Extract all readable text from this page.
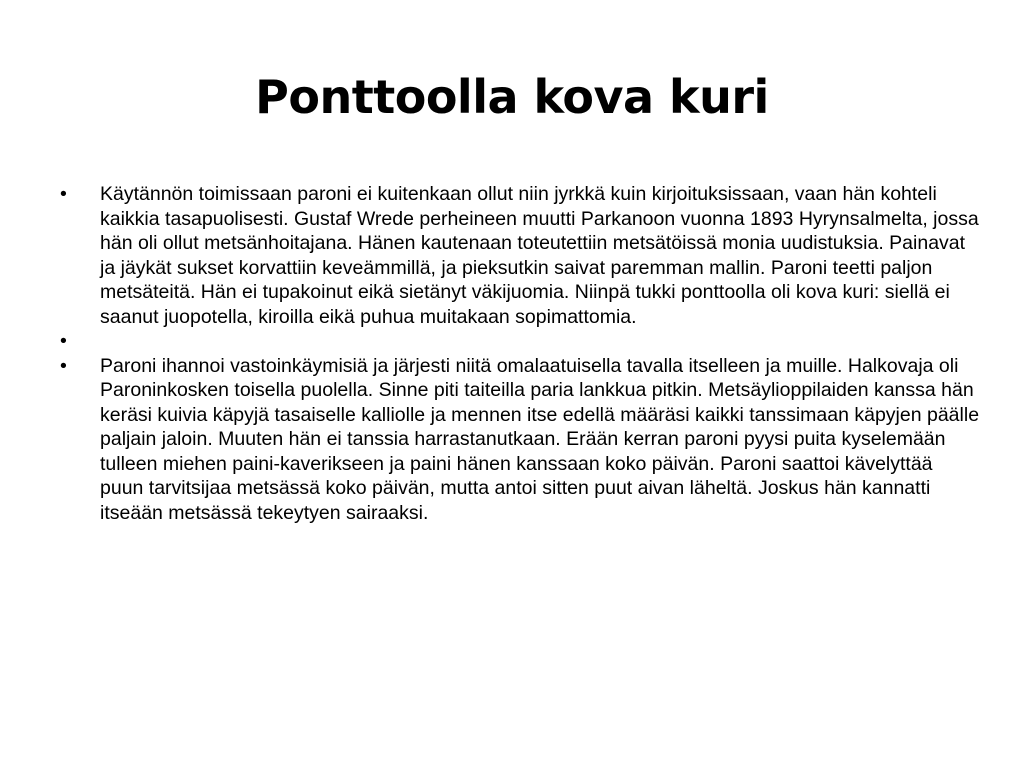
Ponttoolla kova kuri
•	Käytännön toimissaan paroni ei kuitenkaan ollut niin jyrkkä kuin kirjoituksissaan, vaan hän kohteli kaikkia tasapuolisesti. Gustaf Wrede perheineen muutti Parkanoon vuonna 1893 Hyrynsalmelta, jossa hän oli ollut metsänhoitajana. Hänen kautenaan toteutettiin metsätöissä monia uudistuksia. Painavat ja jäykät sukset korvattiin keveämmillä, ja pieksutkin saivat paremman mallin. Paroni teetti paljon metsäteitä. Hän ei tupakoinut eikä sietänyt väkijuomia. Niinpä tukki ponttoolla oli kova kuri: siellä ei saanut juopotella, kiroilla eikä puhua muitakaan sopimattomia.
•
•	Paroni ihannoi vastoinkäymisiä ja järjesti niitä omalaatuisella tavalla itselleen ja muille. Halkovaja oli Paroninkosken toisella puolella. Sinne piti taiteilla paria lankkua pitkin. Metsäylioppilaiden kanssa hän keräsi kuivia käpyjä tasaiselle kalliolle ja mennen itse edellä määräsi kaikki tanssimaan käpyjen päälle paljain jaloin. Muuten hän ei tanssia harrastanutkaan. Erään kerran paroni pyysi puita kyselemään tulleen miehen paini-kaverikseen ja paini hänen kanssaan koko päivän. Paroni saattoi kävelyttää puun tarvitsijaa metsässä koko päivän, mutta antoi sitten puut aivan läheltä. Joskus hän kannatti itseään metsässä tekeytyen sairaaksi.
